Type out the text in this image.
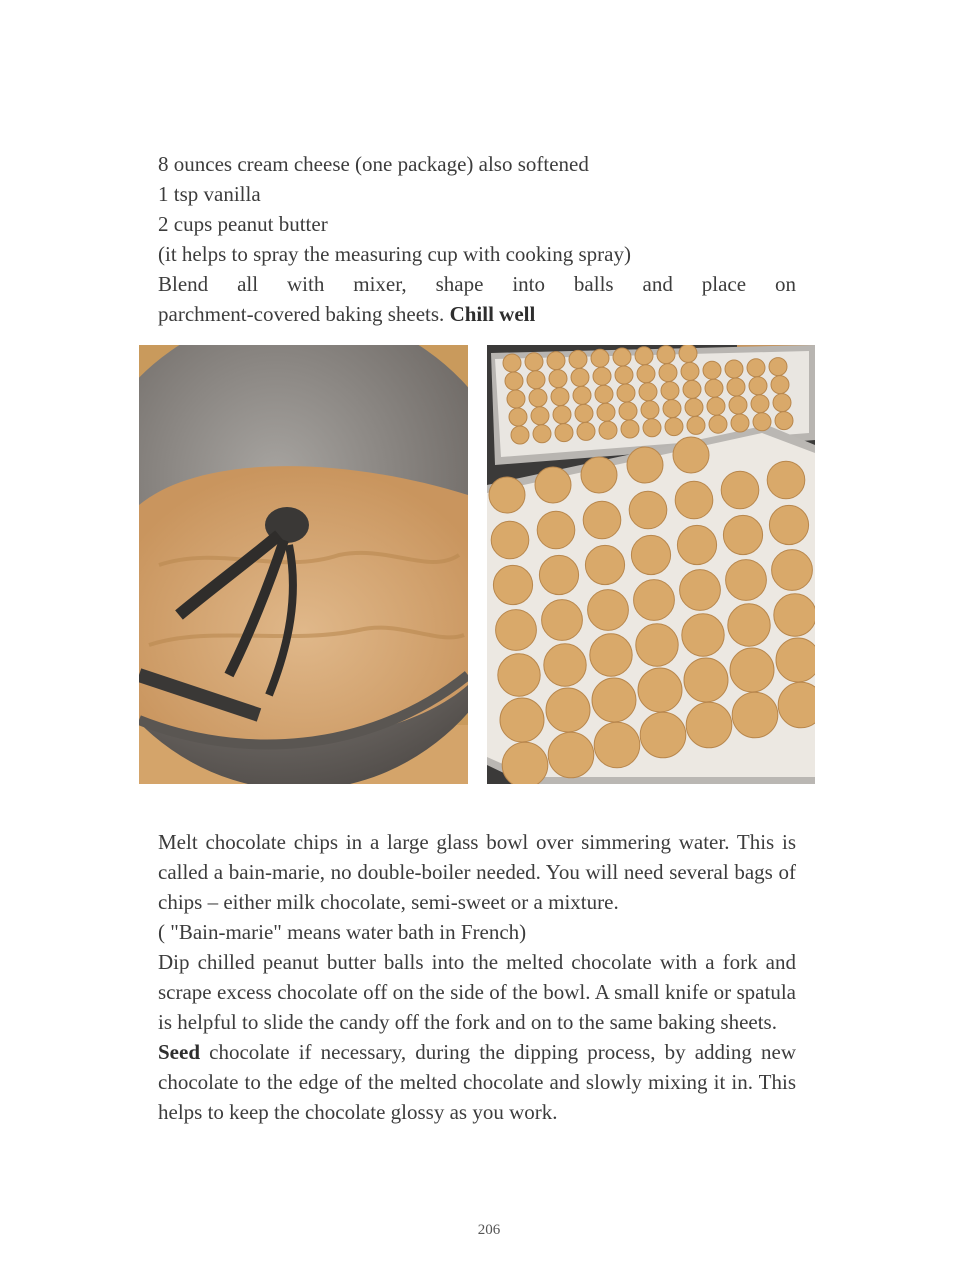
8 ounces cream cheese (one package) also softened
1 tsp vanilla
2 cups peanut butter
(it helps to spray the measuring cup with cooking spray)
Blend all with mixer, shape into balls and place on
parchment-covered baking sheets. Chill well
Melt chocolate chips in a large glass bowl over simmering water. This is called a bain-marie, no double-boiler needed. You will need several bags of chips – either milk chocolate, semi-sweet or a mixture.
( "Bain-marie" means water bath in French)
Dip chilled peanut butter balls into the melted chocolate with a fork and scrape excess chocolate off on the side of the bowl. A small knife or spatula is helpful to slide the candy off the fork and on to the same baking sheets.
Seed chocolate if necessary, during the dipping process, by adding new chocolate to the edge of the melted chocolate and slowly mixing it in. This helps to keep the chocolate glossy as you work.
206
